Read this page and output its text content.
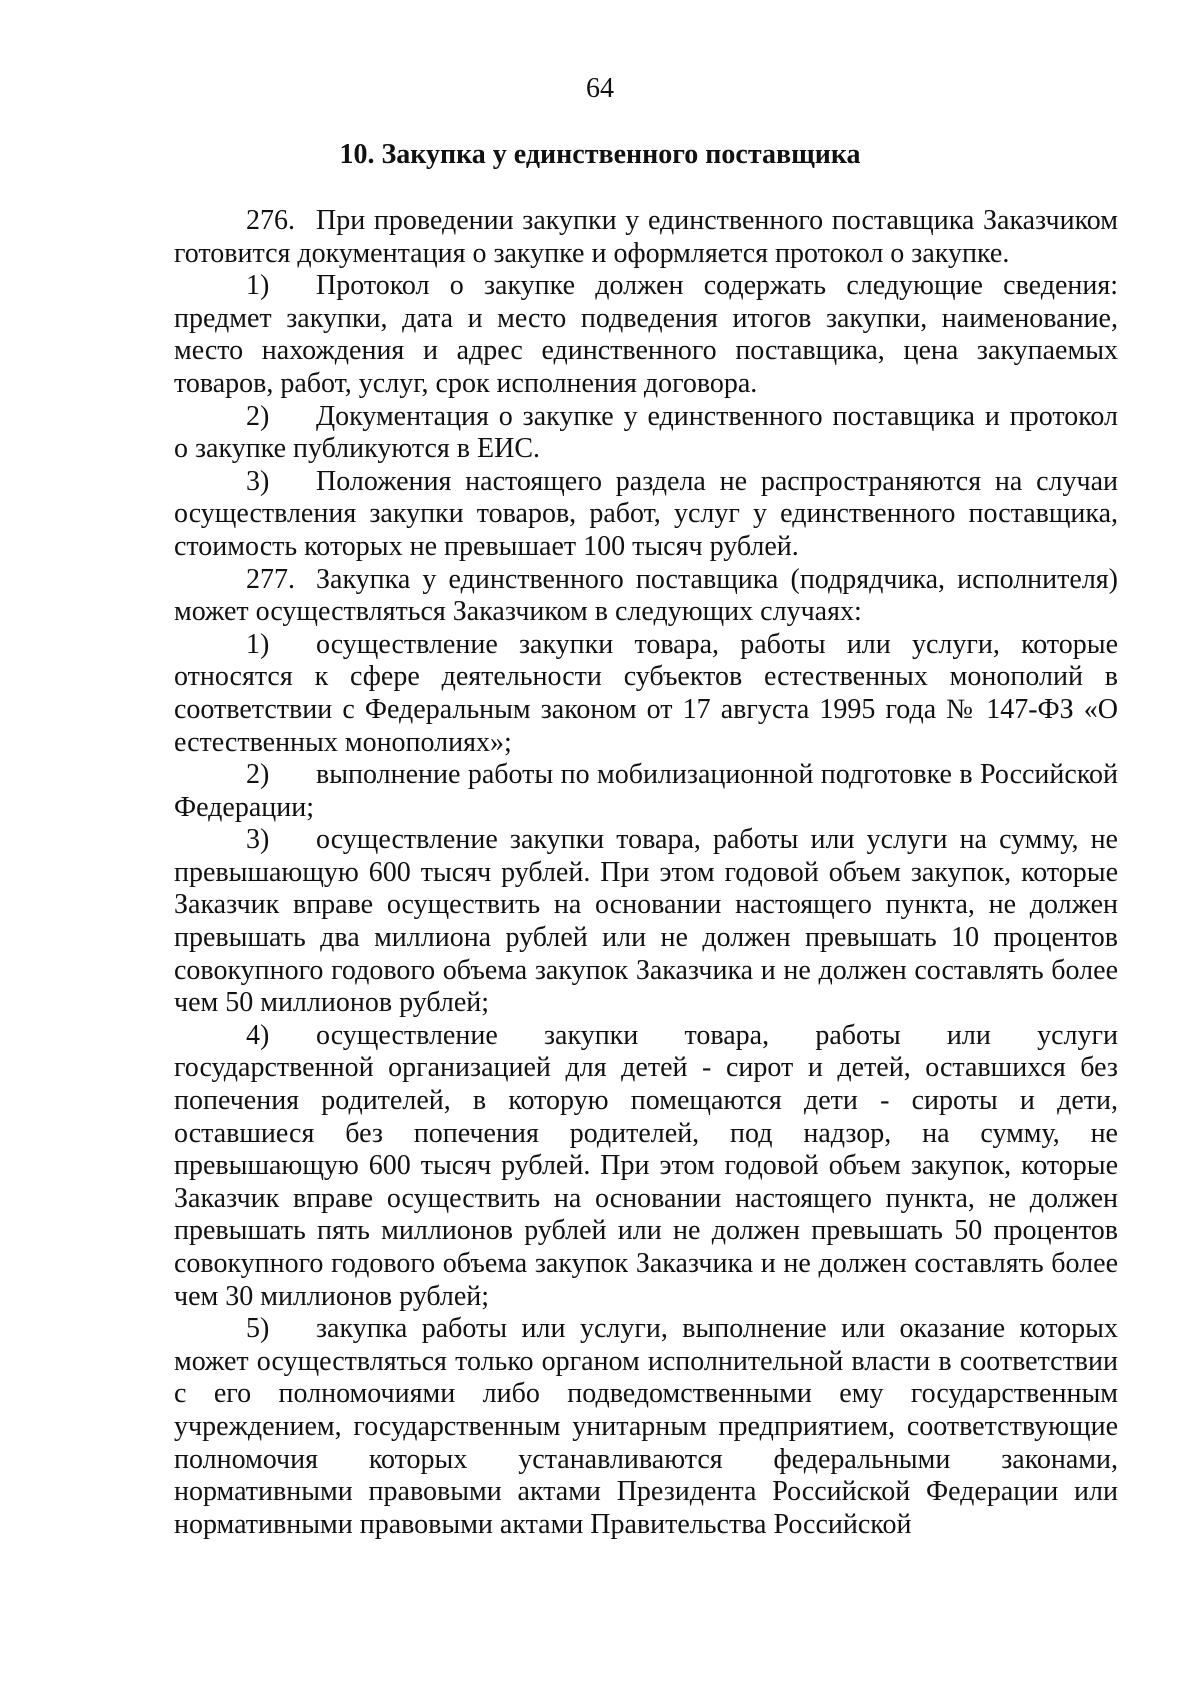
64
10. Закупка у единственного поставщика

276. При проведении закупки у единственного поставщика Заказчиком готовится документация о закупке и оформляется протокол о закупке.

1) Протокол о закупке должен содержать следующие сведения: предмет закупки, дата и место подведения итогов закупки, наименование, место нахождения и адрес единственного поставщика, цена закупаемых товаров, работ, услуг, срок исполнения договора.

2) Документация о закупке у единственного поставщика и протокол о закупке публикуются в ЕИС.

3) Положения настоящего раздела не распространяются на случаи осуществления закупки товаров, работ, услуг у единственного поставщика, стоимость которых не превышает 100 тысяч рублей.

277. Закупка у единственного поставщика (подрядчика, исполнителя) может осуществляться Заказчиком в следующих случаях:

1) осуществление закупки товара, работы или услуги, которые относятся к сфере деятельности субъектов естественных монополий в соответствии с Федеральным законом от 17 августа 1995 года № 147-ФЗ «О естественных монополиях»;

2) выполнение работы по мобилизационной подготовке в Российской Федерации;

3) осуществление закупки товара, работы или услуги на сумму, не превышающую 600 тысяч рублей. При этом годовой объем закупок, которые Заказчик вправе осуществить на основании настоящего пункта, не должен превышать два миллиона рублей или не должен превышать 10 процентов совокупного годового объема закупок Заказчика и не должен составлять более чем 50 миллионов рублей;

4) осуществление закупки товара, работы или услуги государственной организацией для детей - сирот и детей, оставшихся без попечения родителей, в которую помещаются дети - сироты и дети, оставшиеся без попечения родителей, под надзор, на сумму, не превышающую 600 тысяч рублей. При этом годовой объем закупок, которые Заказчик вправе осуществить на основании настоящего пункта, не должен превышать пять миллионов рублей или не должен превышать 50 процентов совокупного годового объема закупок Заказчика и не должен составлять более чем 30 миллионов рублей;

5) закупка работы или услуги, выполнение или оказание которых может осуществляться только органом исполнительной власти в соответствии с его полномочиями либо подведомственными ему государственным учреждением, государственным унитарным предприятием, соответствующие полномочия которых устанавливаются федеральными законами, нормативными правовыми актами Президента Российской Федерации или нормативными правовыми актами Правительства Российской
